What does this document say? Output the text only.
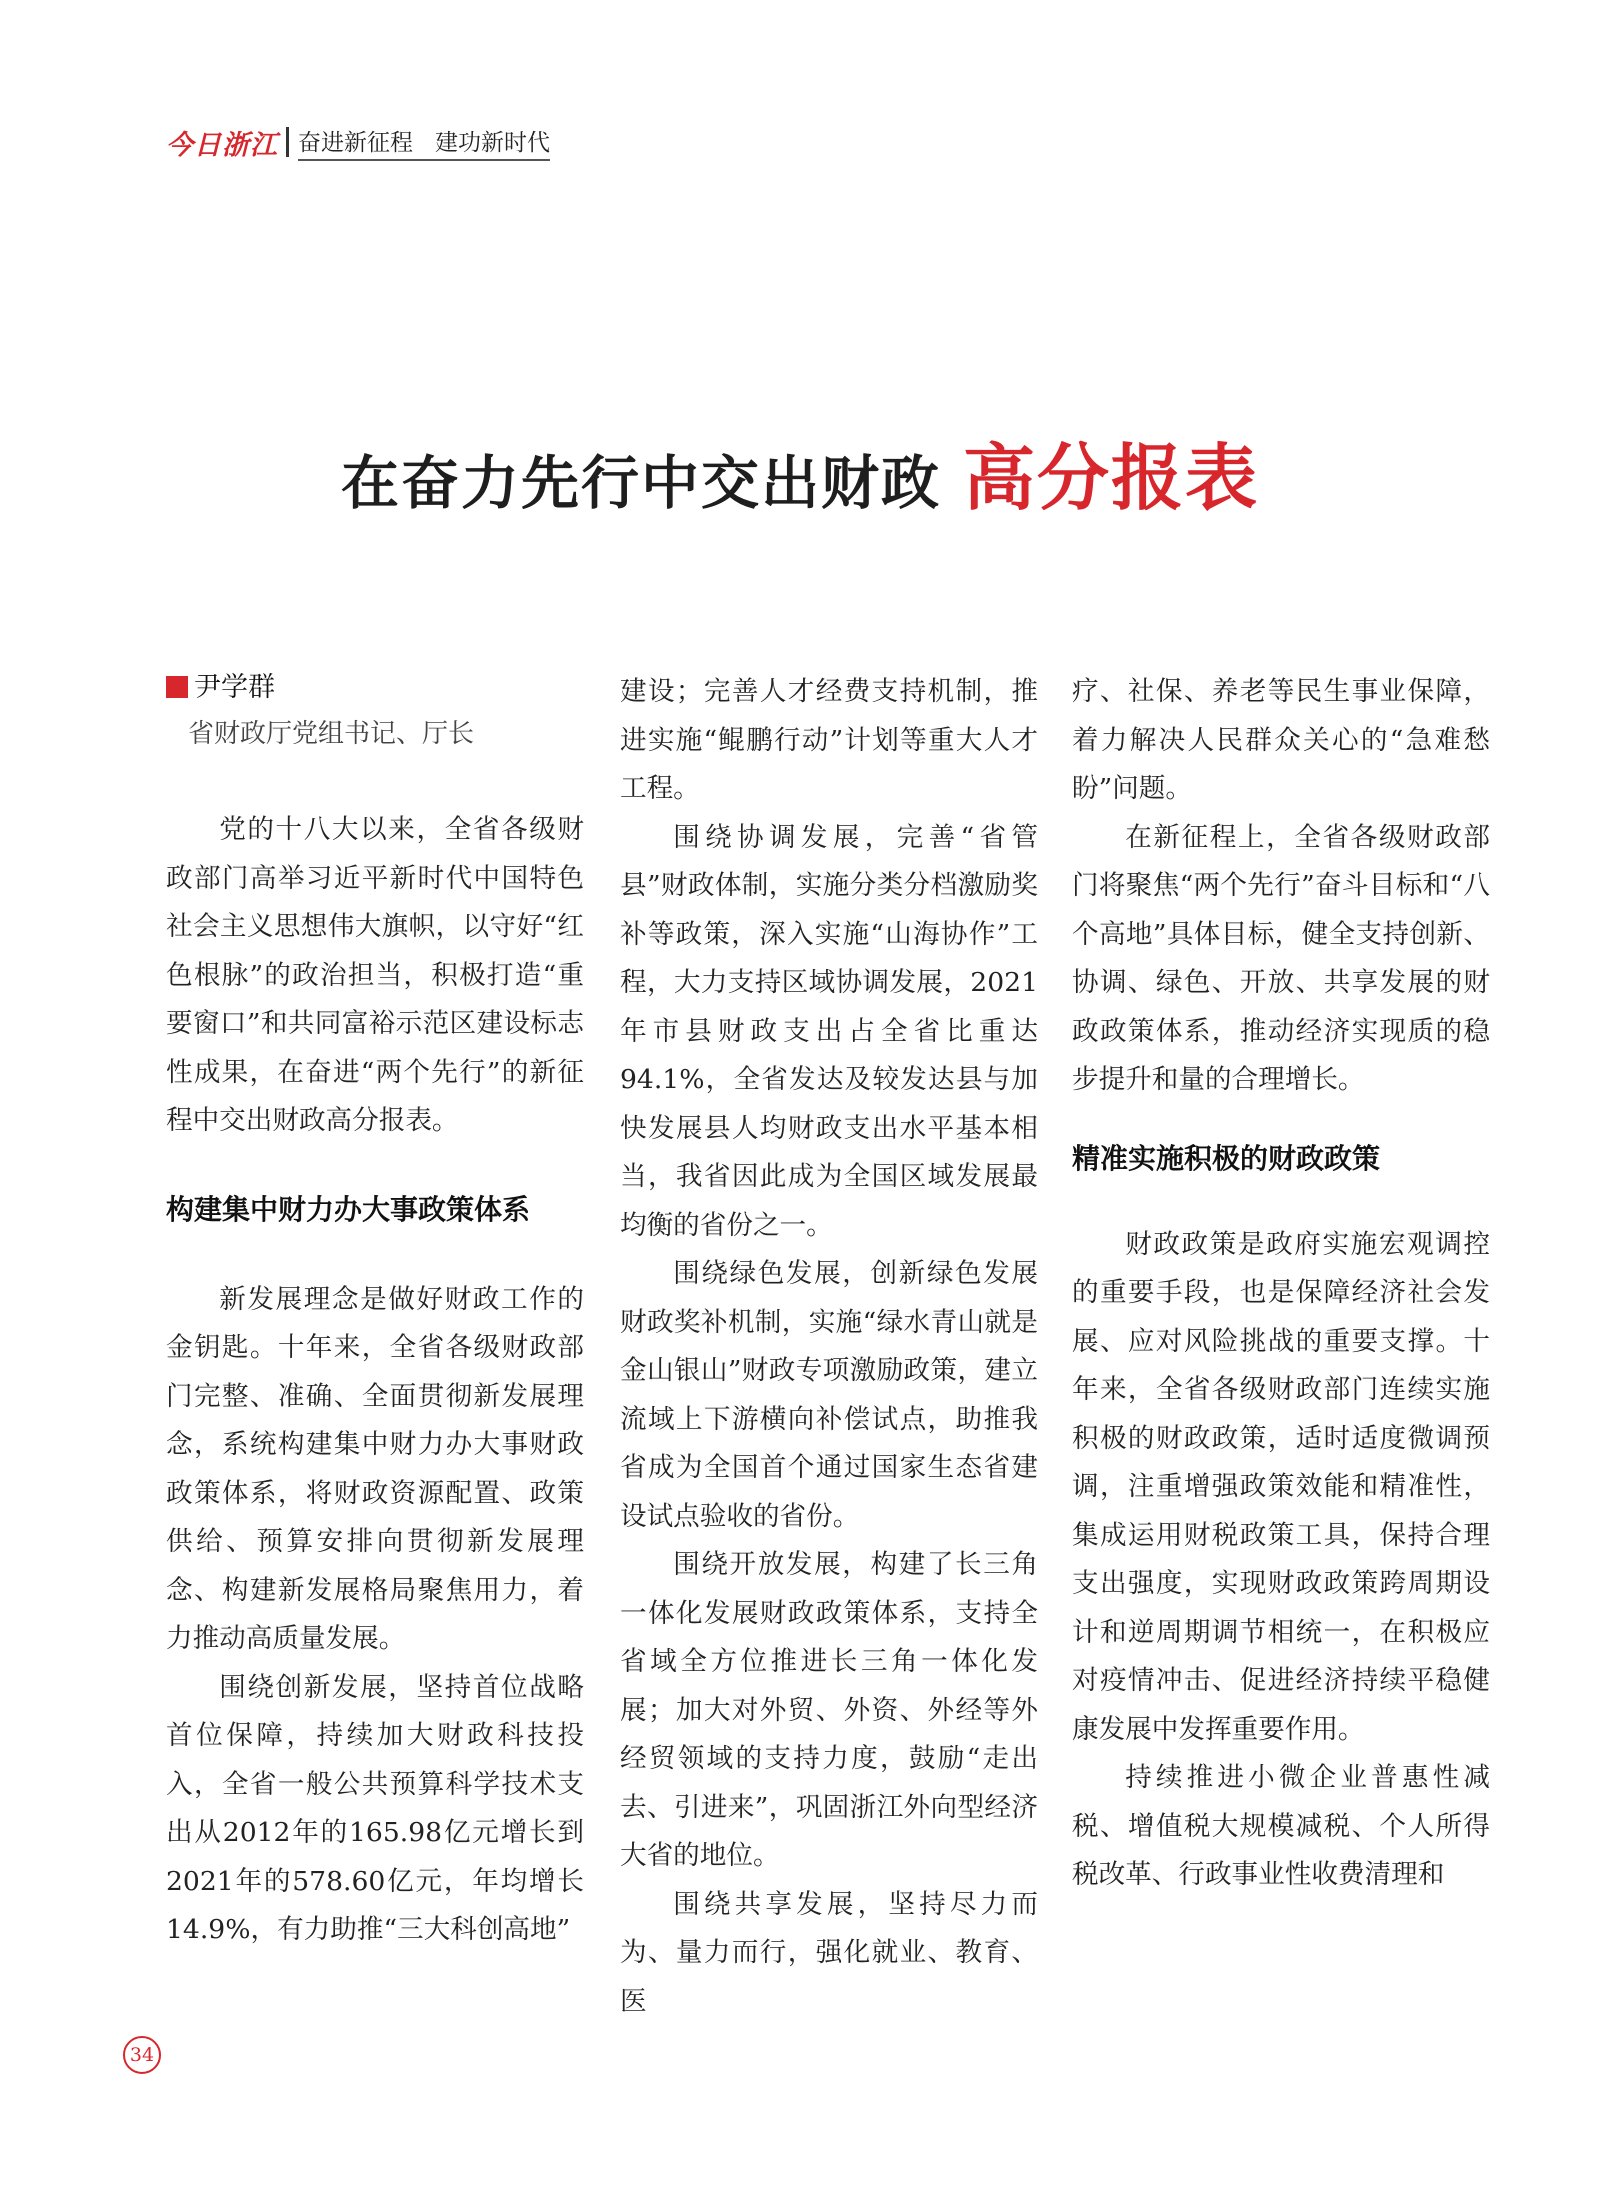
今日浙江 奋进新征程 建功新时代
在奋力先行中交出财政 高分报表
尹学群
省财政厅党组书记、厅长

党的十八大以来，全省各级财政部门高举习近平新时代中国特色社会主义思想伟大旗帜，以守好“红色根脉”的政治担当，积极打造“重要窗口”和共同富裕示范区建设标志性成果，在奋进“两个先行”的新征程中交出财政高分报表。

构建集中财力办大事政策体系

新发展理念是做好财政工作的金钥匙。十年来，全省各级财政部门完整、准确、全面贯彻新发展理念，系统构建集中财力办大事财政政策体系，将财政资源配置、政策供给、预算安排向贯彻新发展理念、构建新发展格局聚焦用力，着力推动高质量发展。

围绕创新发展，坚持首位战略首位保障，持续加大财政科技投入，全省一般公共预算科学技术支出从2012年的165.98亿元增长到2021年的578.60亿元，年均增长14.9%，有力助推“三大科创高地”

建设；完善人才经费支持机制，推进实施“鲲鹏行动”计划等重大人才工程。

围绕协调发展，完善“省管县”财政体制，实施分类分档激励奖补等政策，深入实施“山海协作”工程，大力支持区域协调发展，2021年市县财政支出占全省比重达94.1%，全省发达及较发达县与加快发展县人均财政支出水平基本相当，我省因此成为全国区域发展最均衡的省份之一。

围绕绿色发展，创新绿色发展财政奖补机制，实施“绿水青山就是金山银山”财政专项激励政策，建立流域上下游横向补偿试点，助推我省成为全国首个通过国家生态省建设试点验收的省份。

围绕开放发展，构建了长三角一体化发展财政政策体系，支持全省域全方位推进长三角一体化发展；加大对外贸、外资、外经等外经贸领域的支持力度，鼓励“走出去、引进来”，巩固浙江外向型经济大省的地位。

围绕共享发展，坚持尽力而为、量力而行，强化就业、教育、医

疗、社保、养老等民生事业保障，着力解决人民群众关心的“急难愁盼”问题。

在新征程上，全省各级财政部门将聚焦“两个先行”奋斗目标和“八个高地”具体目标，健全支持创新、协调、绿色、开放、共享发展的财政政策体系，推动经济实现质的稳步提升和量的合理增长。

精准实施积极的财政政策

财政政策是政府实施宏观调控的重要手段，也是保障经济社会发展、应对风险挑战的重要支撑。十年来，全省各级财政部门连续实施积极的财政政策，适时适度微调预调，注重增强政策效能和精准性，集成运用财税政策工具，保持合理支出强度，实现财政政策跨周期设计和逆周期调节相统一，在积极应对疫情冲击、促进经济持续平稳健康发展中发挥重要作用。

持续推进小微企业普惠性减税、增值税大规模减税、个人所得税改革、行政事业性收费清理和

34
